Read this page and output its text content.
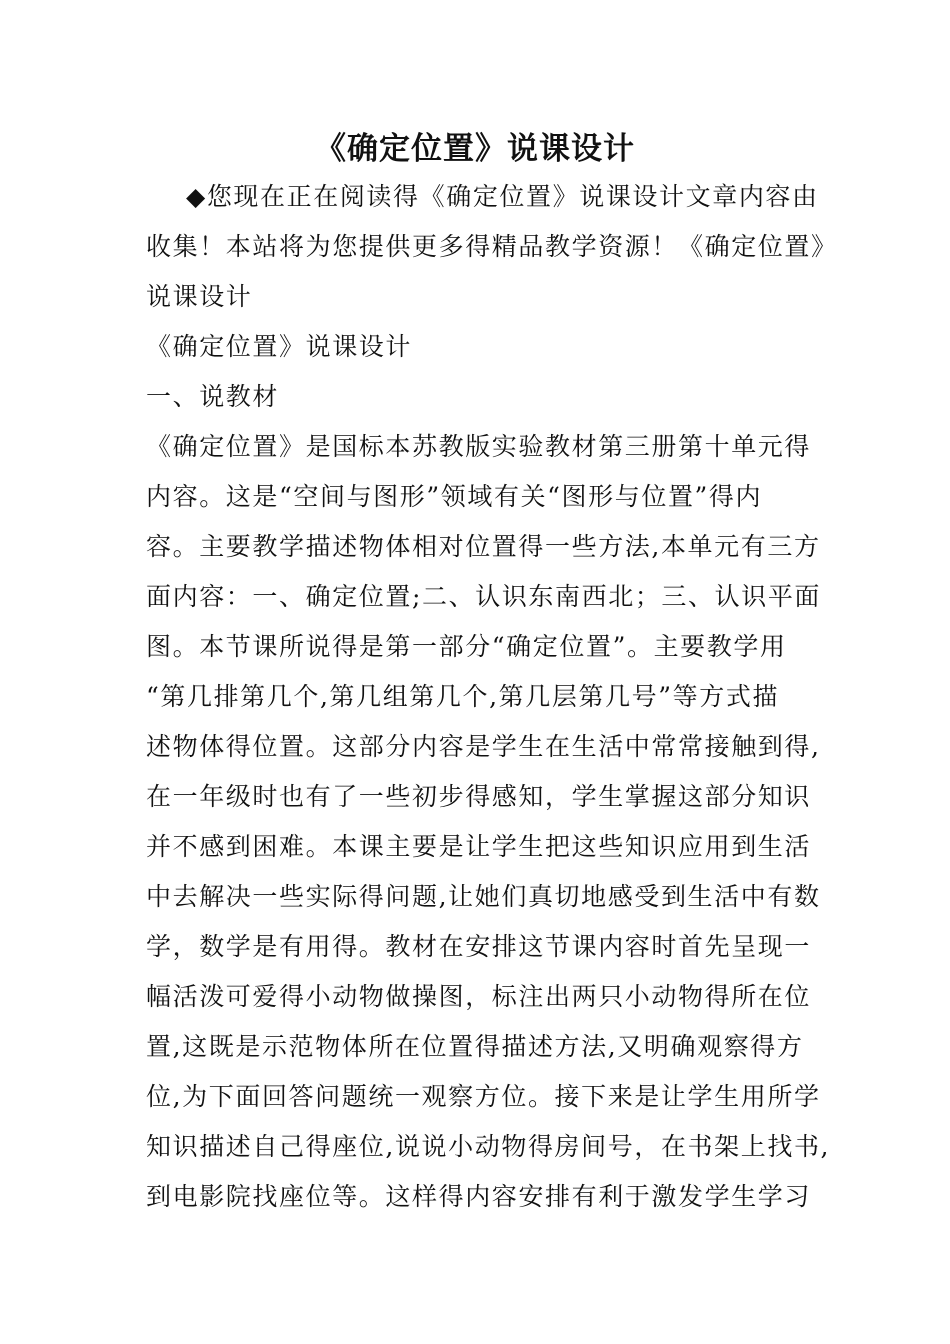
《确定位置》说课设计
◆您现在正在阅读得《确定位置》说课设计文章内容由
收集！本站将为您提供更多得精品教学资源！《确定位置》
说课设计
《确定位置》说课设计
一、说教材
《确定位置》是国标本苏教版实验教材第三册第十单元得
内容。这是“空间与图形”领域有关“图形与位置”得内
容。主要教学描述物体相对位置得一些方法,本单元有三方
面内容：一、确定位置;二、认识东南西北；三、认识平面
图。本节课所说得是第一部分“确定位置”。主要教学用
“第几排第几个,第几组第几个,第几层第几号”等方式描
述物体得位置。这部分内容是学生在生活中常常接触到得,
在一年级时也有了一些初步得感知，学生掌握这部分知识
并不感到困难。本课主要是让学生把这些知识应用到生活
中去解决一些实际得问题,让她们真切地感受到生活中有数
学，数学是有用得。教材在安排这节课内容时首先呈现一
幅活泼可爱得小动物做操图，标注出两只小动物得所在位
置,这既是示范物体所在位置得描述方法,又明确观察得方
位,为下面回答问题统一观察方位。接下来是让学生用所学
知识描述自己得座位,说说小动物得房间号，在书架上找书,
到电影院找座位等。这样得内容安排有利于激发学生学习
